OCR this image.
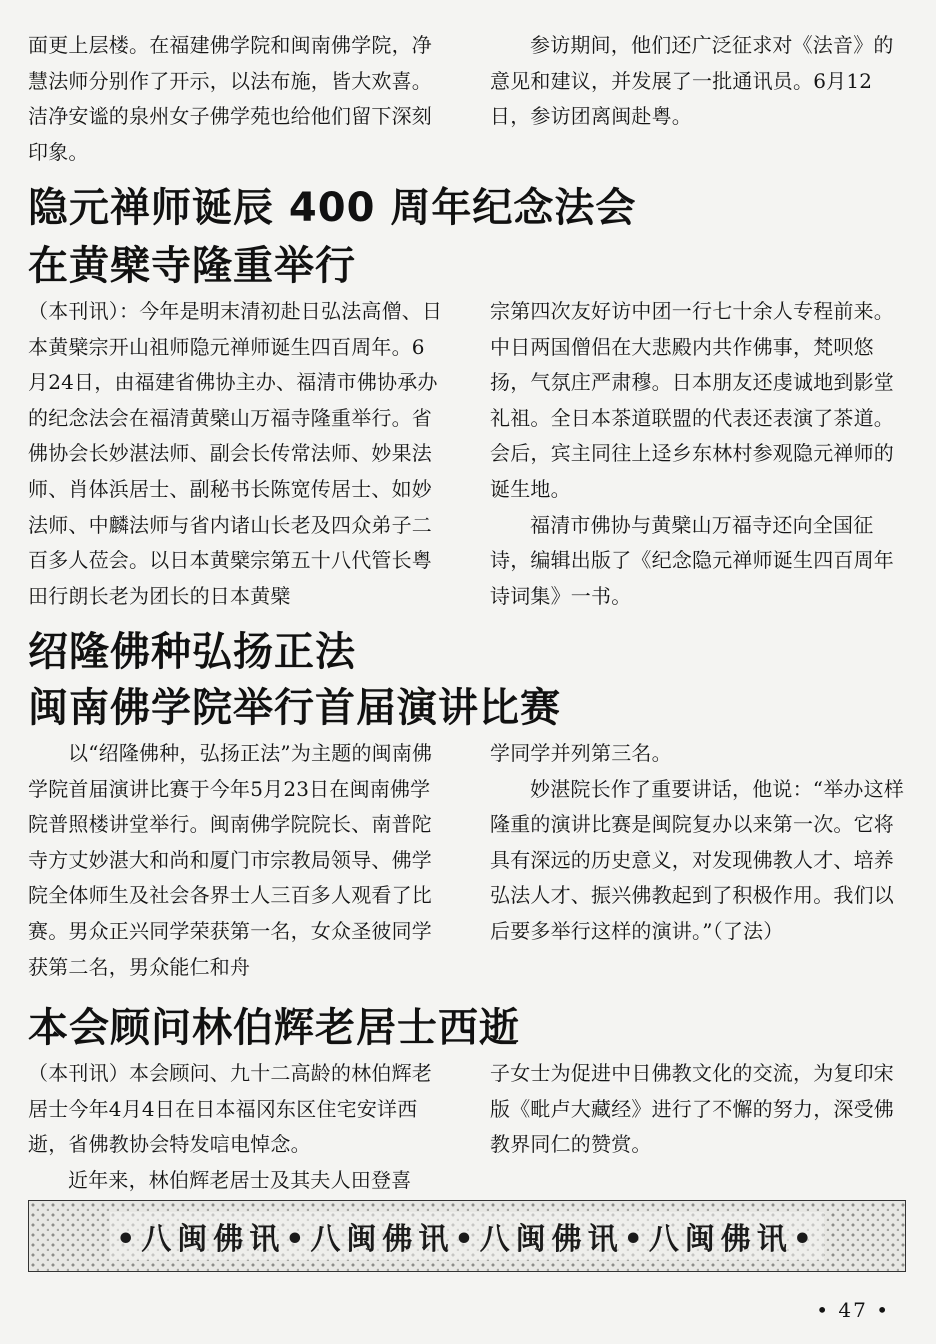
面更上层楼。在福建佛学院和闽南佛学院，净慧法师分别作了开示，以法布施，皆大欢喜。洁净安谧的泉州女子佛学苑也给他们留下深刻印象。

参访期间，他们还广泛征求对《法音》的意见和建议，并发展了一批通讯员。6月12日，参访团离闽赴粤。

隐元禅师诞辰 400 周年纪念法会
在黄檗寺隆重举行

（本刊讯）：今年是明末清初赴日弘法高僧、日本黄檗宗开山祖师隐元禅师诞生四百周年。6月24日，由福建省佛协主办、福清市佛协承办的纪念法会在福清黄檗山万福寺隆重举行。省佛协会长妙湛法师、副会长传常法师、妙果法师、肖体浜居士、副秘书长陈宽传居士、如妙法师、中麟法师与省内诸山长老及四众弟子二百多人莅会。以日本黄檗宗第五十八代管长粤田行朗长老为团长的日本黄檗

宗第四次友好访中团一行七十余人专程前来。中日两国僧侣在大悲殿内共作佛事，梵呗悠扬，气氛庄严肃穆。日本朋友还虔诚地到影堂礼祖。全日本茶道联盟的代表还表演了茶道。会后，宾主同往上迳乡东林村参观隐元禅师的诞生地。

福清市佛协与黄檗山万福寺还向全国征诗，编辑出版了《纪念隐元禅师诞生四百周年诗词集》一书。

绍隆佛种弘扬正法
闽南佛学院举行首届演讲比赛

以“绍隆佛种，弘扬正法”为主题的闽南佛学院首届演讲比赛于今年5月23日在闽南佛学院普照楼讲堂举行。闽南佛学院院长、南普陀寺方丈妙湛大和尚和厦门市宗教局领导、佛学院全体师生及社会各界士人三百多人观看了比赛。男众正兴同学荣获第一名，女众圣彼同学获第二名，男众能仁和舟

学同学并列第三名。

妙湛院长作了重要讲话，他说：“举办这样隆重的演讲比赛是闽院复办以来第一次。它将具有深远的历史意义，对发现佛教人才、培养弘法人才、振兴佛教起到了积极作用。我们以后要多举行这样的演讲。”（了法）

本会顾问林伯辉老居士西逝

（本刊讯）本会顾问、九十二高龄的林伯辉老居士今年4月4日在日本福冈东区住宅安详西逝，省佛教协会特发唁电悼念。

近年来，林伯辉老居士及其夫人田登喜

子女士为促进中日佛教文化的交流，为复印宋版《毗卢大藏经》进行了不懈的努力，深受佛教界同仁的赞赏。

•八闽佛讯•八闽佛讯•八闽佛讯•八闽佛讯•
• 47 •
